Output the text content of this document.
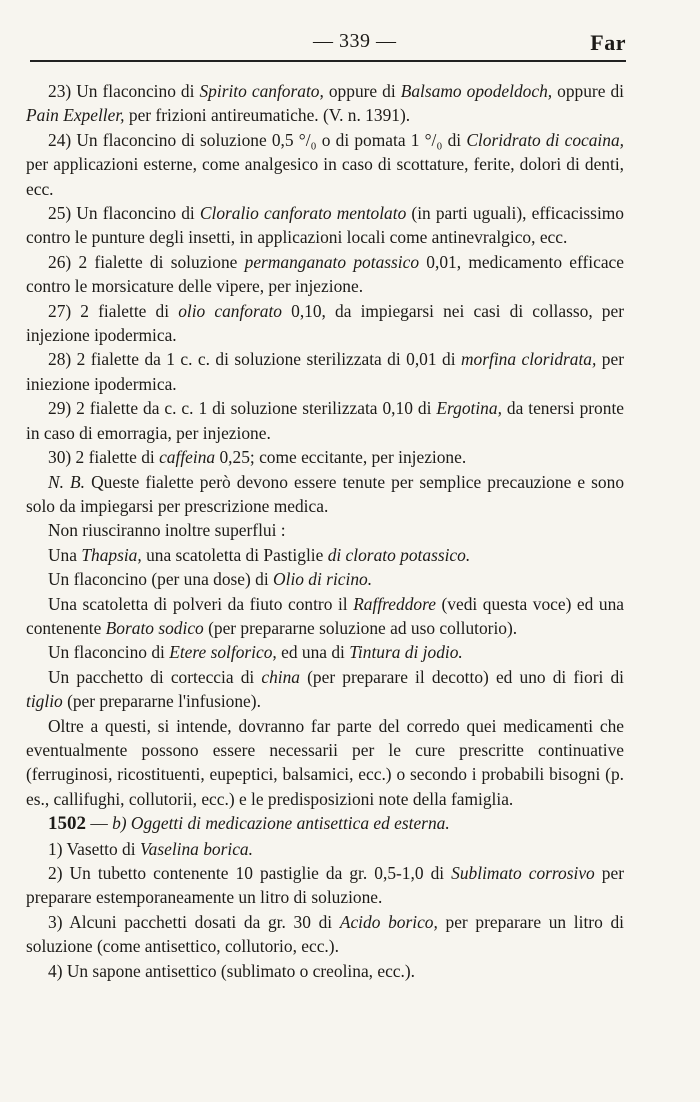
— 339 —	Far

23) Un flaconcino di Spirito canforato, oppure di Balsamo opodeldoch, oppure di Pain Expeller, per frizioni antireumatiche. (V. n. 1391).

24) Un flaconcino di soluzione 0,5 °/₀ o di pomata 1 °/₀ di Cloridrato di cocaina, per applicazioni esterne, come analgesico in caso di scottature, ferite, dolori di denti, ecc.

25) Un flaconcino di Cloralio canforato mentolato (in parti uguali), efficacissimo contro le punture degli insetti, in applicazioni locali come antinevralgico, ecc.

26) 2 fialette di soluzione permanganato potassico 0,01, medicamento efficace contro le morsicature delle vipere, per injezione.

27) 2 fialette di olio canforato 0,10, da impiegarsi nei casi di collasso, per injezione ipodermica.

28) 2 fialette da 1 c. c. di soluzione sterilizzata di 0,01 di morfina cloridrata, per iniezione ipodermica.

29) 2 fialette da c. c. 1 di soluzione sterilizzata 0,10 di Ergotina, da tenersi pronte in caso di emorragia, per injezione.

30) 2 fialette di caffeina 0,25; come eccitante, per injezione.

N. B. Queste fialette però devono essere tenute per semplice precauzione e sono solo da impiegarsi per prescrizione medica.

Non riusciranno inoltre superflui :

Una Thapsia, una scatoletta di Pastiglie di clorato potassico.

Un flaconcino (per una dose) di Olio di ricino.

Una scatoletta di polveri da fiuto contro il Raffreddore (vedi questa voce) ed una contenente Borato sodico (per prepararne soluzione ad uso collutorio).

Un flaconcino di Etere solforico, ed una di Tintura di jodio.

Un pacchetto di corteccia di china (per preparare il decotto) ed uno di fiori di tiglio (per prepararne l'infusione).

Oltre a questi, si intende, dovranno far parte del corredo quei medicamenti che eventualmente possono essere necessarii per le cure prescritte continuative (ferruginosi, ricostituenti, eupeptici, balsamici, ecc.) o secondo i probabili bisogni (p. es., callifughi, collutorii, ecc.) e le predisposizioni note della famiglia.

1502 — b) Oggetti di medicazione antisettica ed esterna.

1) Vasetto di Vaselina borica.

2) Un tubetto contenente 10 pastiglie da gr. 0,5-1,0 di Sublimato corrosivo per preparare estemporaneamente un litro di soluzione.

3) Alcuni pacchetti dosati da gr. 30 di Acido borico, per preparare un litro di soluzione (come antisettico, collutorio, ecc.).

4) Un sapone antisettico (sublimato o creolina, ecc.).
